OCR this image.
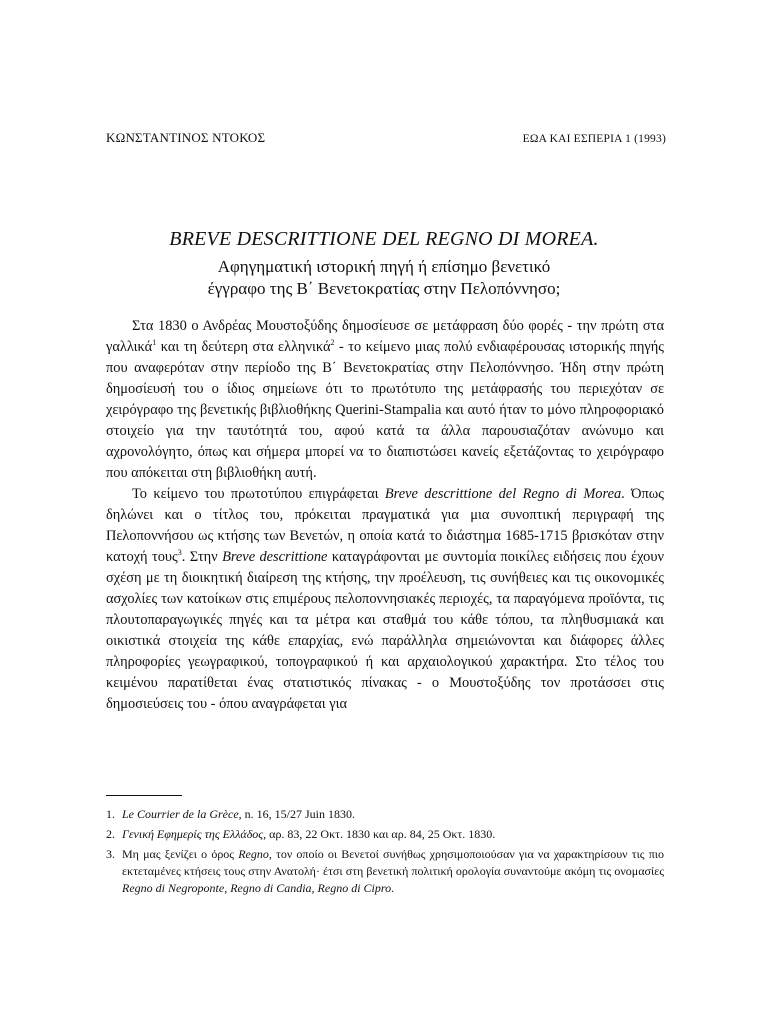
ΚΩΝΣΤΑΝΤΙΝΟΣ ΝΤΟΚΟΣ	ΕΩΑ ΚΑΙ ΕΣΠΕΡΙΑ 1 (1993)

BREVE DESCRITTIONE DEL REGNO DI MOREA.

Αφηγηματική ιστορική πηγή ή επίσημο βενετικό
έγγραφο της Β΄ Βενετοκρατίας στην Πελοπόννησο;

Στα 1830 ο Ανδρέας Μουστοξύδης δημοσίευσε σε μετάφραση δύο φορές - την πρώτη στα γαλλικά$^1$ και τη δεύτερη στα ελληνικά$^2$ - το κείμενο μιας πολύ ενδιαφέρουσας ιστορικής πηγής που αναφερόταν στην περίοδο της Β΄ Βενετοκρατίας στην Πελοπόννησο. Ήδη στην πρώτη δημοσίευσή του ο ίδιος σημείωνε ότι το πρωτότυπο της μετάφρασής του περιεχόταν σε χειρόγραφο της βενετικής βιβλιοθήκης Querini-Stampalia και αυτό ήταν το μόνο πληροφοριακό στοιχείο για την ταυτότητά του, αφού κατά τα άλλα παρουσιαζόταν ανώνυμο και αχρονολόγητο, όπως και σήμερα μπορεί να το διαπιστώσει κανείς εξετάζοντας το χειρόγραφο που απόκειται στη βιβλιοθήκη αυτή.

Το κείμενο του πρωτοτύπου επιγράφεται Breve descrittione del Regno di Morea. Όπως δηλώνει και ο τίτλος του, πρόκειται πραγματικά για μια συνοπτική περιγραφή της Πελοποννήσου ως κτήσης των Βενετών, η οποία κατά το διάστημα 1685-1715 βρισκόταν στην κατοχή τους$^3$. Στην Breve descrittione καταγράφονται με συντομία ποικίλες ειδήσεις που έχουν σχέση με τη διοικητική διαίρεση της κτήσης, την προέλευση, τις συνήθειες και τις οικονομικές ασχολίες των κατοίκων στις επιμέρους πελοποννησιακές περιοχές, τα παραγόμενα προϊόντα, τις πλουτοπαραγωγικές πηγές και τα μέτρα και σταθμά του κάθε τόπου, τα πληθυσμιακά και οικιστικά στοιχεία της κάθε επαρχίας, ενώ παράλληλα σημειώνονται και διάφορες άλλες πληροφορίες γεωγραφικού, τοπογραφικού ή και αρχαιολογικού χαρακτήρα. Στο τέλος του κειμένου παρατίθεται ένας στατιστικός πίνακας - ο Μουστοξύδης τον προτάσσει στις δημοσιεύσεις του - όπου αναγράφεται για

1. Le Courrier de la Grèce, n. 16, 15/27 Juin 1830.
2. Γενική Εφημερίς της Ελλάδος, αρ. 83, 22 Οκτ. 1830 και αρ. 84, 25 Οκτ. 1830.
3. Μη μας ξενίζει ο όρος Regno, τον οποίο οι Βενετοί συνήθως χρησιμοποιούσαν για να χαρακτηρίσουν τις πιο εκτεταμένες κτήσεις τους στην Ανατολή· έτσι στη βενετική πολιτική ορολογία συναντούμε ακόμη τις ονομασίες Regno di Negroponte, Regno di Candia, Regno di Cipro.
